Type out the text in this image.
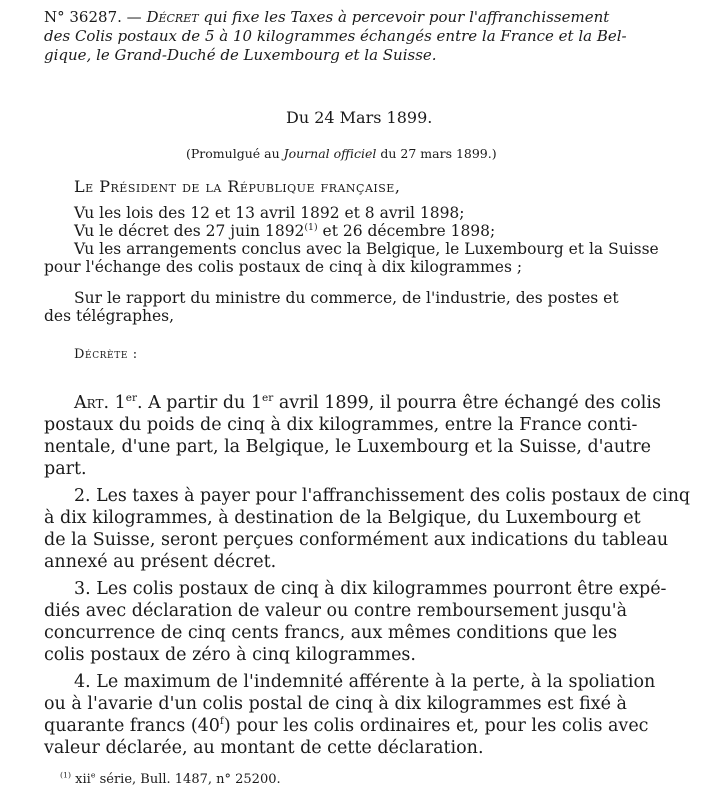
N° 36287. — Décret qui fixe les Taxes à percevoir pour l'affranchissement
des Colis postaux de 5 à 10 kilogrammes échangés entre la France et la Bel-
gique, le Grand-Duché de Luxembourg et la Suisse.
Du 24 Mars 1899.
(Promulgué au Journal officiel du 27 mars 1899.)
Le Président de la République française,
Vu les lois des 12 et 13 avril 1892 et 8 avril 1898;
Vu le décret des 27 juin 1892$^{(1)}$ et 26 décembre 1898;
Vu les arrangements conclus avec la Belgique, le Luxembourg et la Suisse
pour l'échange des colis postaux de cinq à dix kilogrammes ;
Sur le rapport du ministre du commerce, de l'industrie, des postes et
des télégraphes,
Décrète :
Art. 1er. A partir du 1er avril 1899, il pourra être échangé des colis
postaux du poids de cinq à dix kilogrammes, entre la France conti-
nentale, d'une part, la Belgique, le Luxembourg et la Suisse, d'autre
part.
2. Les taxes à payer pour l'affranchissement des colis postaux de cinq
à dix kilogrammes, à destination de la Belgique, du Luxembourg et
de la Suisse, seront perçues conformément aux indications du tableau
annexé au présent décret.
3. Les colis postaux de cinq à dix kilogrammes pourront être expé-
diés avec déclaration de valeur ou contre remboursement jusqu'à
concurrence de cinq cents francs, aux mêmes conditions que les
colis postaux de zéro à cinq kilogrammes.
4. Le maximum de l'indemnité afférente à la perte, à la spoliation
ou à l'avarie d'un colis postal de cinq à dix kilogrammes est fixé à
quarante francs (40$^f$) pour les colis ordinaires et, pour les colis avec
valeur déclarée, au montant de cette déclaration.
$^{(1)}$ xii$^e$ série, Bull. 1487, n° 25200.
